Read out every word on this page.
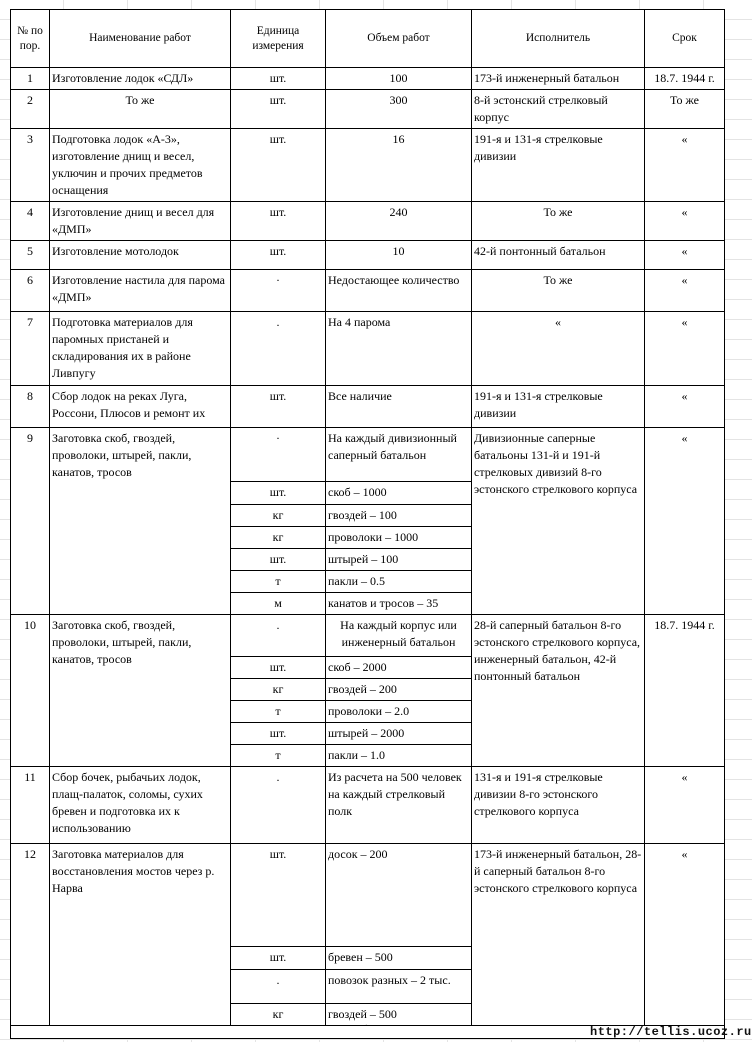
№ по пор.	Наименование работ	Единица измерения	Объем работ	Исполнитель	Срок
1	Изготовление лодок «СДЛ»	шт.	100	173-й инженерный батальон	18.7. 1944 г.
2	То же	шт.	300	8-й эстонский стрелковый корпус	То же
3	Подготовка лодок «А-3», изготовление днищ и весел, уключин и прочих предметов оснащения	шт.	16	191-я и 131-я стрелковые дивизии	«
4	Изготовление днищ и весел для «ДМП»	шт.	240	То же	«
5	Изготовление мотолодок	шт.	10	42-й понтонный батальон	«
6	Изготовление настила для парома «ДМП»	·	Недостающее количество	То же	«
7	Подготовка материалов для паромных пристаней и складирования их в районе Ливпугу	.	На 4 парома	«	«
8	Сбор лодок на реках Луга, Россони, Плюсов и ремонт их	шт.	Все наличие	191-я и 131-я стрелковые дивизии	«
9	Заготовка скоб, гвоздей, проволоки, штырей, пакли, канатов, тросов	·	На каждый дивизионный саперный батальон	Дивизионные саперные батальоны 131-й и 191-й стрелковых дивизий 8-го эстонского стрелкового корпуса	«
		шт.	скоб – 1000		
		кг	гвоздей – 100		
		кг	проволоки – 1000		
		шт.	штырей – 100		
		т	пакли – 0.5		
		м	канатов и тросов – 35		
10	Заготовка скоб, гвоздей, проволоки, штырей, пакли, канатов, тросов	.	На каждый корпус или инженерный батальон	28-й саперный батальон 8-го эстонского стрелкового корпуса, инженерный батальон, 42-й понтонный батальон	18.7. 1944 г.
		шт.	скоб – 2000		
		кг	гвоздей – 200		
		т	проволоки – 2.0		
		шт.	штырей – 2000		
		т	пакли – 1.0		
11	Сбор бочек, рыбачьих лодок, плащ-палаток, соломы, сухих бревен и подготовка их к использованию	.	Из расчета на 500 человек на каждый стрелковый полк	131-я и 191-я стрелковые дивизии 8-го эстонского стрелкового корпуса	«
12	Заготовка материалов для восстановления мостов через р. Нарва	шт.	досок – 200	173-й инженерный батальон, 28-й саперный батальон 8-го эстонского стрелкового корпуса	«
		шт.	бревен – 500		
		.	повозок разных – 2 тыс.		
		кг	гвоздей – 500		

.
http://tellis.ucoz.ru
